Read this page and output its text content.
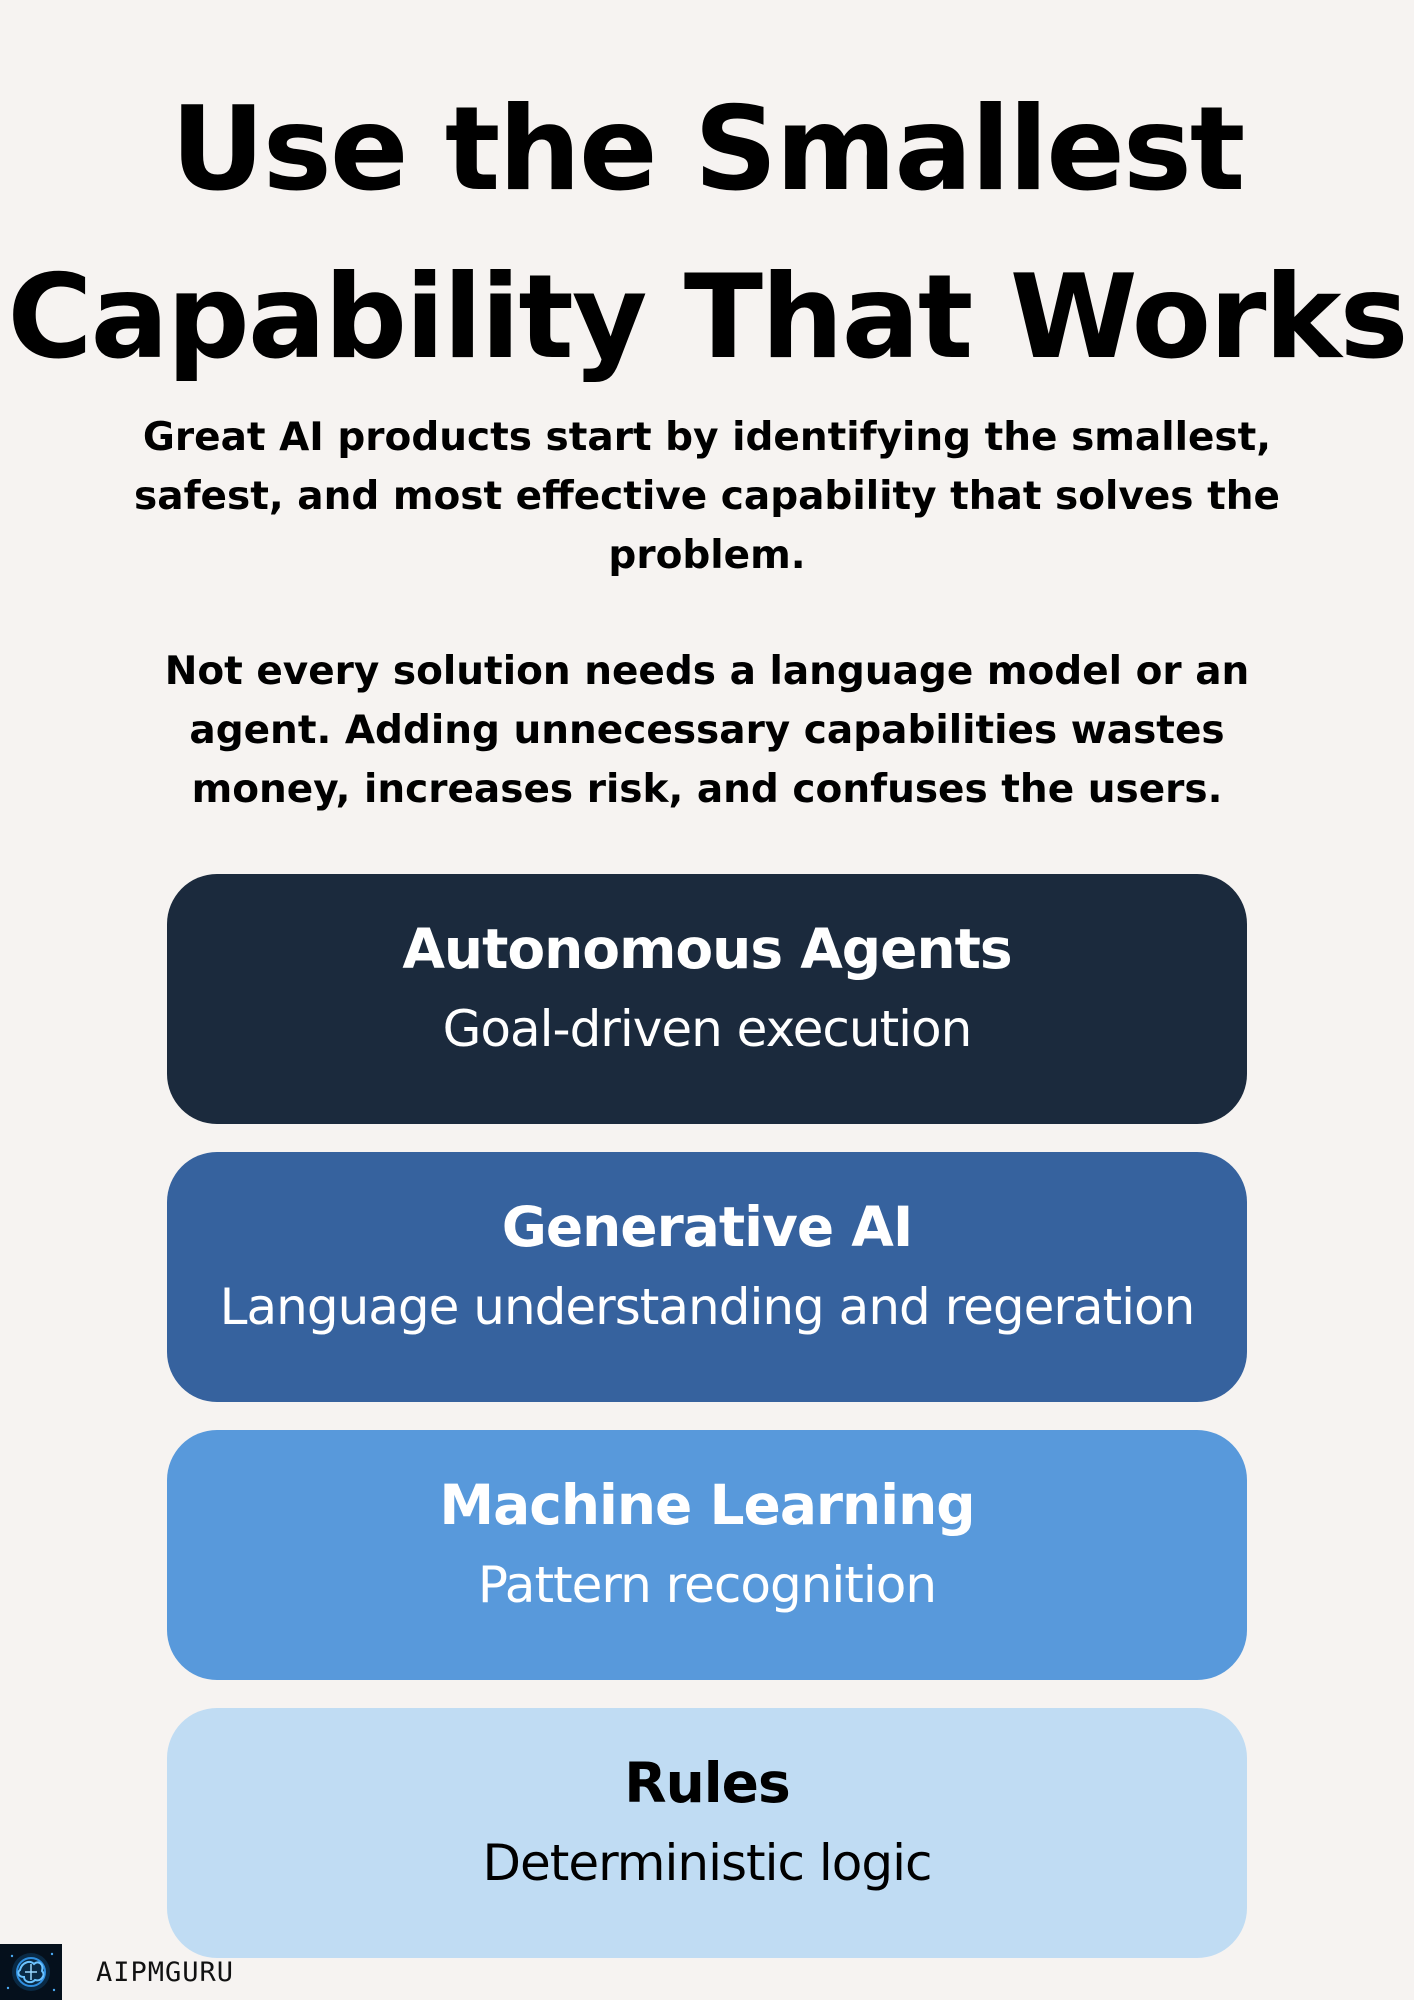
Use the Smallest
Capability That Works

Great AI products start by identifying the smallest, safest, and most effective capability that solves the problem.

Not every solution needs a language model or an agent. Adding unnecessary capabilities wastes money, increases risk, and confuses the users.

Autonomous Agents
Goal-driven execution
Generative AI
Language understanding and regeration
Machine Learning
Pattern recognition
Rules
Deterministic logic
AIPMGURU
